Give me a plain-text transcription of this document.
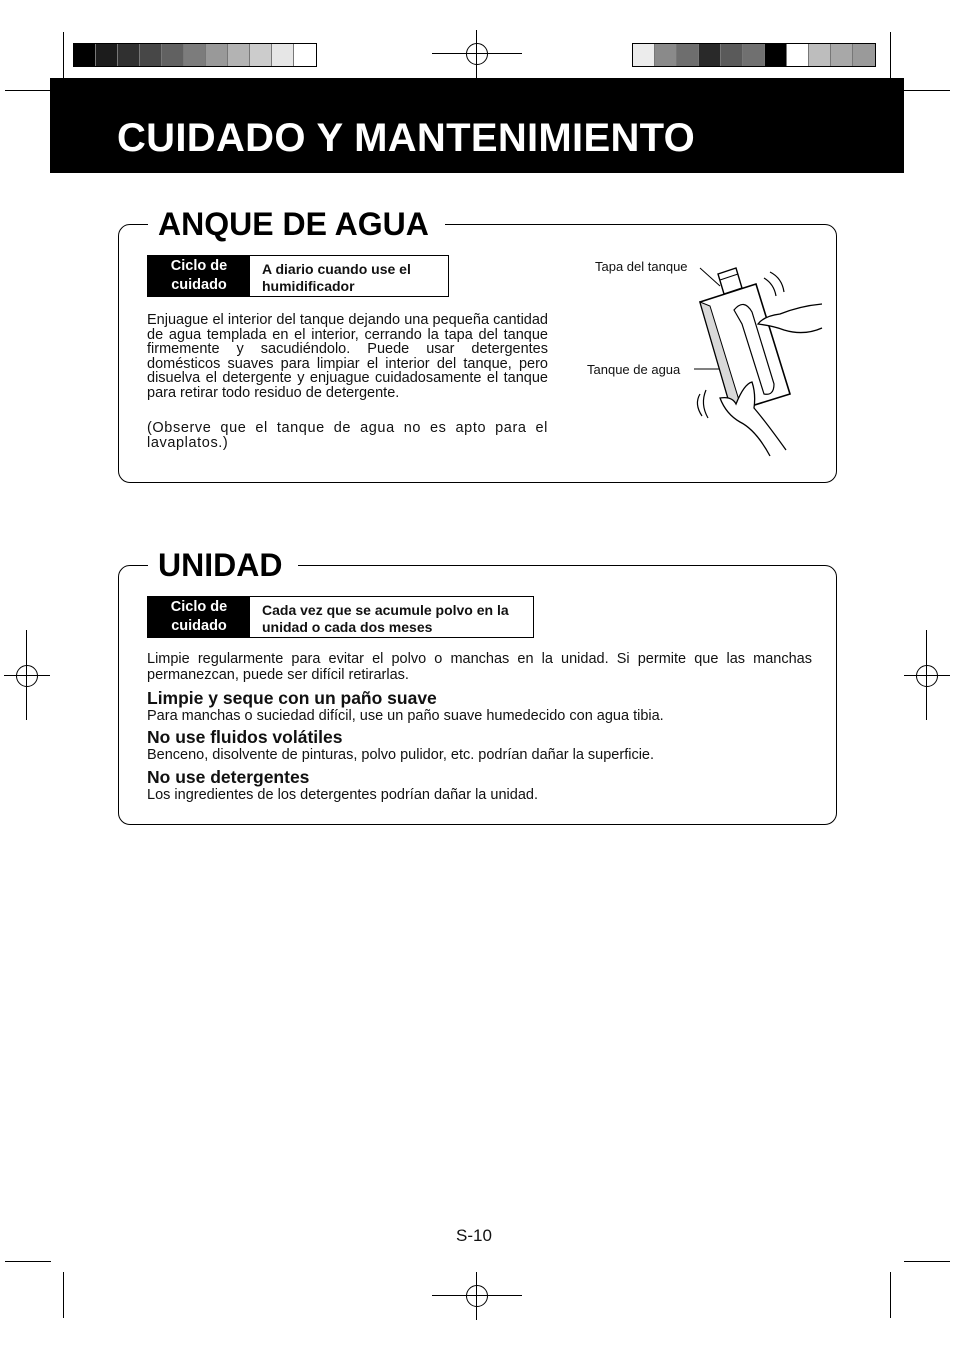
CUIDADO Y MANTENIMIENTO
ANQUE DE AGUA
Ciclo de cuidado
A diario cuando use el humidificador
Enjuague el interior del tanque dejando una pequeña cantidad de agua templada en el interior, cerrando la tapa del tanque firmemente y sacudiéndolo. Puede usar detergentes domésticos suaves para limpiar el interior del tanque, pero disuelva el detergente y enjuague cuidadosamente el tanque para retirar todo residuo de detergente.
(Observe que el tanque de agua no es apto para el lavaplatos.)
Tapa del tanque
Tanque de agua
UNIDAD
Ciclo de cuidado
Cada vez que se acumule polvo en la unidad o cada dos meses
Limpie regularmente para evitar el polvo o manchas en la unidad. Si permite que las manchas permanezcan, puede ser difícil retirarlas.
Limpie y seque con un paño suave
Para manchas o suciedad difícil, use un paño suave humedecido con agua tibia.
No use fluidos volátiles
Benceno, disolvente de pinturas, polvo pulidor, etc. podrían dañar la superficie.
No use detergentes
Los ingredientes de los detergentes podrían dañar la unidad.
S-10
